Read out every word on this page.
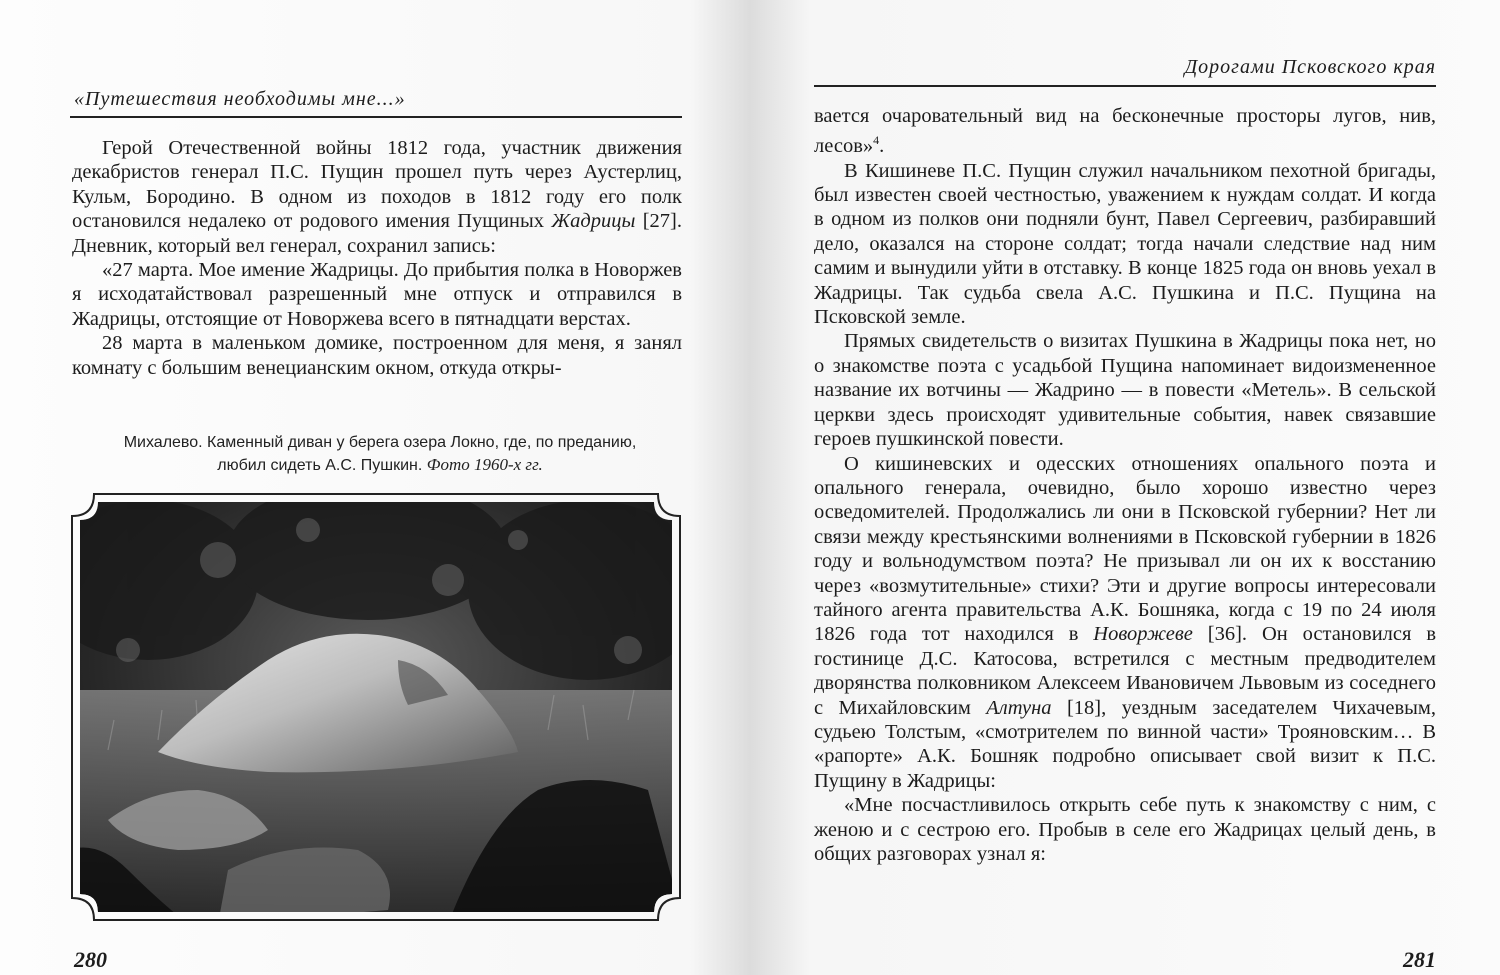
«Путешествия необходимы мне...»

Герой Отечественной войны 1812 года, участник движения декабристов генерал П.С. Пущин прошел путь через Аустерлиц, Кульм, Бородино. В одном из походов в 1812 году его полк остановился недалеко от родового имения Пущиных Жадрицы [27]. Дневник, который вел генерал, сохранил запись:

«27 марта. Мое имение Жадрицы. До прибытия полка в Новоржев я исходатайствовал разрешенный мне отпуск и отправился в Жадрицы, отстоящие от Новоржева всего в пятнадцати верстах.

28 марта в маленьком домике, построенном для меня, я занял комнату с большим венецианским окном, откуда откры-

Михалево. Каменный диван у берега озера Локно, где, по преданию,
любил сидеть А.С. Пушкин. Фото 1960-х гг.
280
Дорогами Псковского края

вается очаровательный вид на бесконечные просторы лугов, нив, лесов»$^4$.

В Кишиневе П.С. Пущин служил начальником пехотной бригады, был известен своей честностью, уважением к нуждам солдат. И когда в одном из полков они подняли бунт, Павел Сергеевич, разбиравший дело, оказался на стороне солдат; тогда начали следствие над ним самим и вынудили уйти в отставку. В конце 1825 года он вновь уехал в Жадрицы. Так судьба свела А.С. Пушкина и П.С. Пущина на Псковской земле.

Прямых свидетельств о визитах Пушкина в Жадрицы пока нет, но о знакомстве поэта с усадьбой Пущина напоминает видоизмененное название их вотчины — Жадрино — в повести «Метель». В сельской церкви здесь происходят удивительные события, навек связавшие героев пушкинской повести.

О кишиневских и одесских отношениях опального поэта и опального генерала, очевидно, было хорошо известно через осведомителей. Продолжались ли они в Псковской губернии? Нет ли связи между крестьянскими волнениями в Псковской губернии в 1826 году и вольнодумством поэта? Не призывал ли он их к восстанию через «возмутительные» стихи? Эти и другие вопросы интересовали тайного агента правительства А.К. Бошняка, когда с 19 по 24 июля 1826 года тот находился в Новоржеве [36]. Он остановился в гостинице Д.С. Катосова, встретился с местным предводителем дворянства полковником Алексеем Ивановичем Львовым из соседнего с Михайловским Алтуна [18], уездным заседателем Чихачевым, судьею Толстым, «смотрителем по винной части» Трояновским… В «рапорте» А.К. Бошняк подробно описывает свой визит к П.С. Пущину в Жадрицы:

«Мне посчастливилось открыть себе путь к знакомству с ним, с женою и с сестрою его. Пробыв в селе его Жадрицах целый день, в общих разговорах узнал я:

281
